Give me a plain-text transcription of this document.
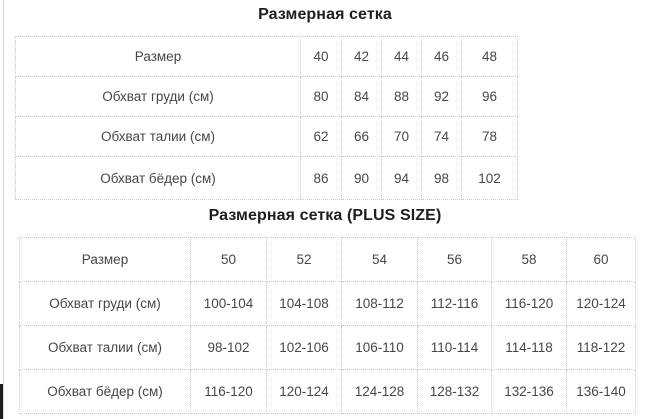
Размерная сетка
Размер	40	42	44	46	48
Обхват груди (см)	80	84	88	92	96
Обхват талии (см)	62	66	70	74	78
Обхват бёдер (см)	86	90	94	98	102
Размерная сетка (PLUS SIZE)
Размер	50	52	54	56	58	60
Обхват груди (см)	100-104	104-108	108-112	112-116	116-120	120-124
Обхват талии (см)	98-102	102-106	106-110	110-114	114-118	118-122
Обхват бёдер (см)	116-120	120-124	124-128	128-132	132-136	136-140
